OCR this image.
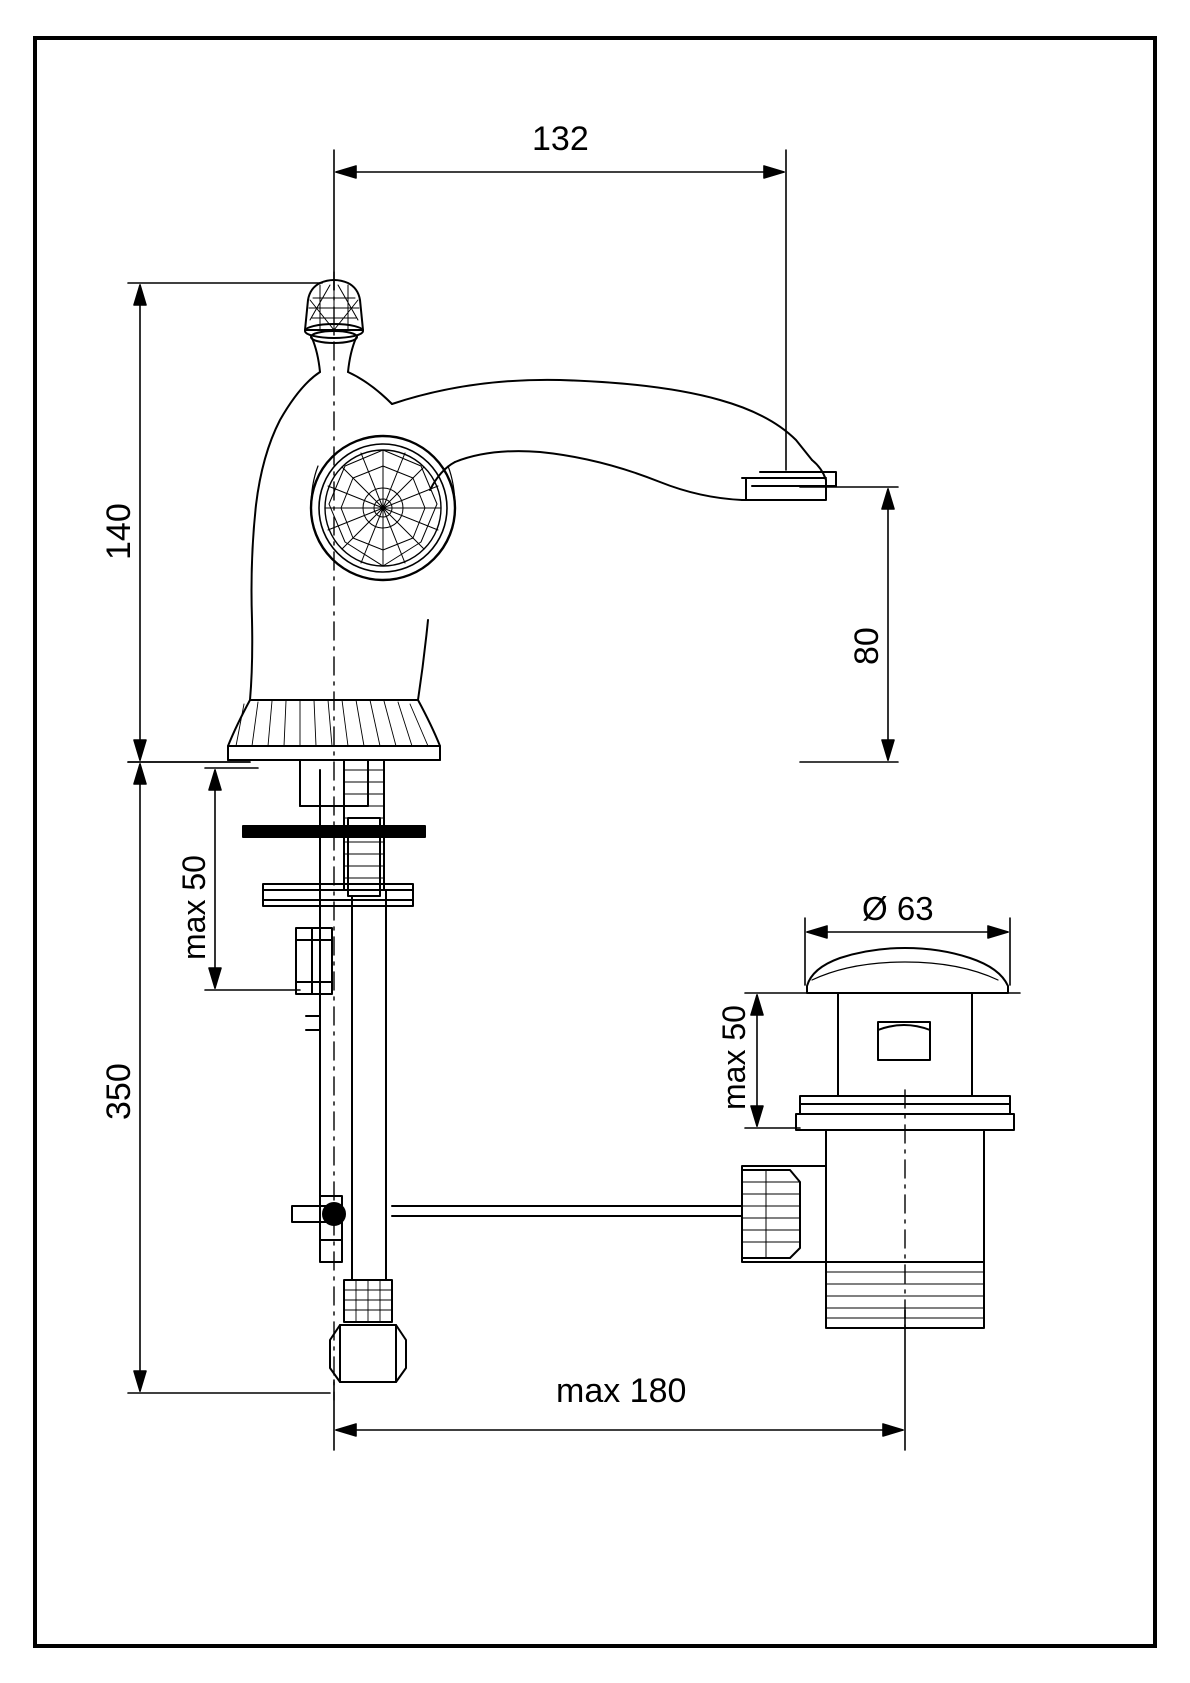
132
140
80
max 50
350
Ø 63
max 50
max 180
